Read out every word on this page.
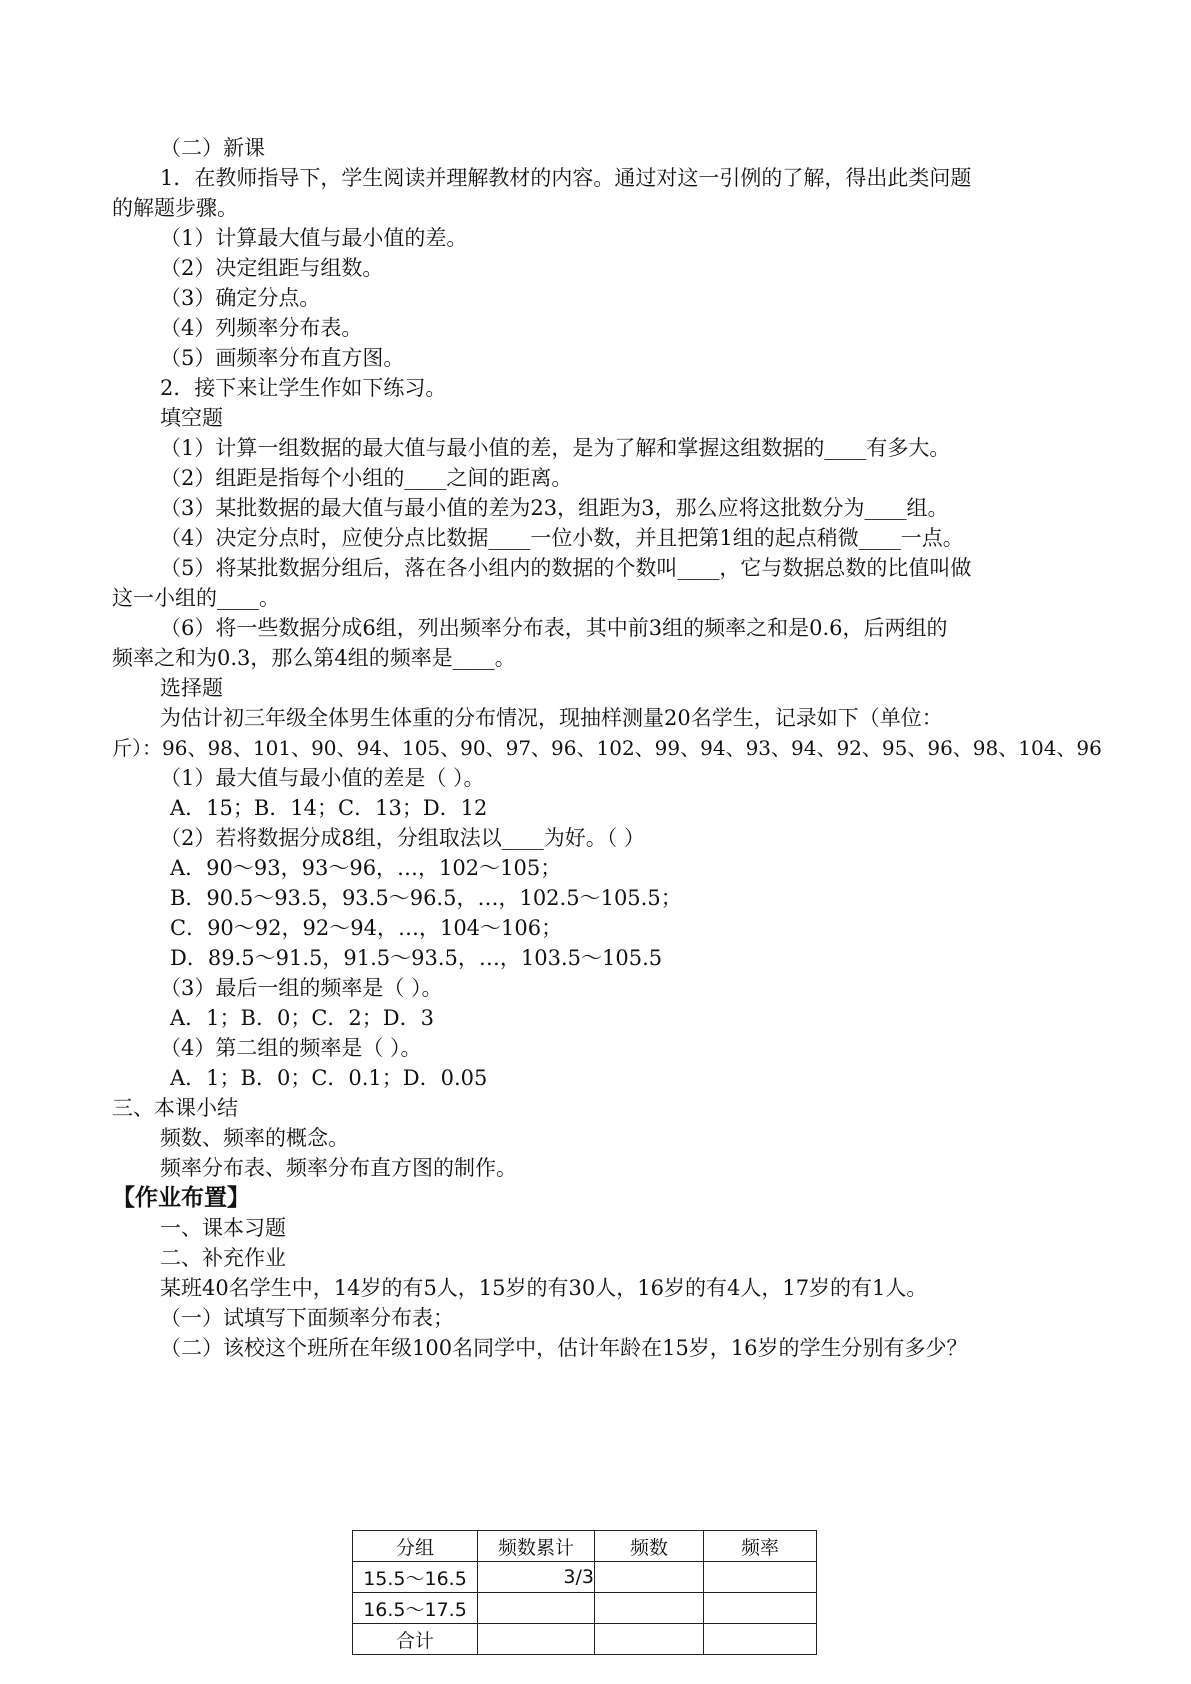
（二）新课
1．在教师指导下，学生阅读并理解教材的内容。通过对这一引例的了解，得出此类问题
的解题步骤。
（1）计算最大值与最小值的差。
（2）决定组距与组数。
（3）确定分点。
（4）列频率分布表。
（5）画频率分布直方图。
2．接下来让学生作如下练习。
填空题
（1）计算一组数据的最大值与最小值的差，是为了解和掌握这组数据的____有多大。
（2）组距是指每个小组的____之间的距离。
（3）某批数据的最大值与最小值的差为23，组距为3，那么应将这批数分为____组。
（4）决定分点时，应使分点比数据____一位小数，并且把第1组的起点稍微____一点。
（5）将某批数据分组后，落在各小组内的数据的个数叫____，它与数据总数的比值叫做
这一小组的____。
（6）将一些数据分成6组，列出频率分布表，其中前3组的频率之和是0.6，后两组的
频率之和为0.3，那么第4组的频率是____。
选择题
为估计初三年级全体男生体重的分布情况，现抽样测量20名学生，记录如下（单位：
斤）：96、98、101、90、94、105、90、97、96、102、99、94、93、94、92、95、96、98、104、96
（1）最大值与最小值的差是（ ）。
A．15；B．14；C．13；D．12
（2）若将数据分成8组，分组取法以____为好。（ ）
A．90～93，93～96，…，102～105；
B．90.5～93.5，93.5～96.5，…，102.5～105.5；
C．90～92，92～94，…，104～106；
D．89.5～91.5，91.5～93.5，…，103.5～105.5
（3）最后一组的频率是（ ）。
A．1；B．0；C．2；D．3
（4）第二组的频率是（ ）。
A．1；B．0；C．0.1；D．0.05
三、本课小结
频数、频率的概念。
频率分布表、频率分布直方图的制作。
【作业布置】
一、课本习题
二、补充作业
某班40名学生中，14岁的有5人，15岁的有30人，16岁的有4人，17岁的有1人。
（一）试填写下面频率分布表；
（二）该校这个班所在年级100名同学中，估计年龄在15岁，16岁的学生分别有多少？
分组	频数累计	频数	频率
15.5～16.5	3/3		
16.5～17.5			
合计			
